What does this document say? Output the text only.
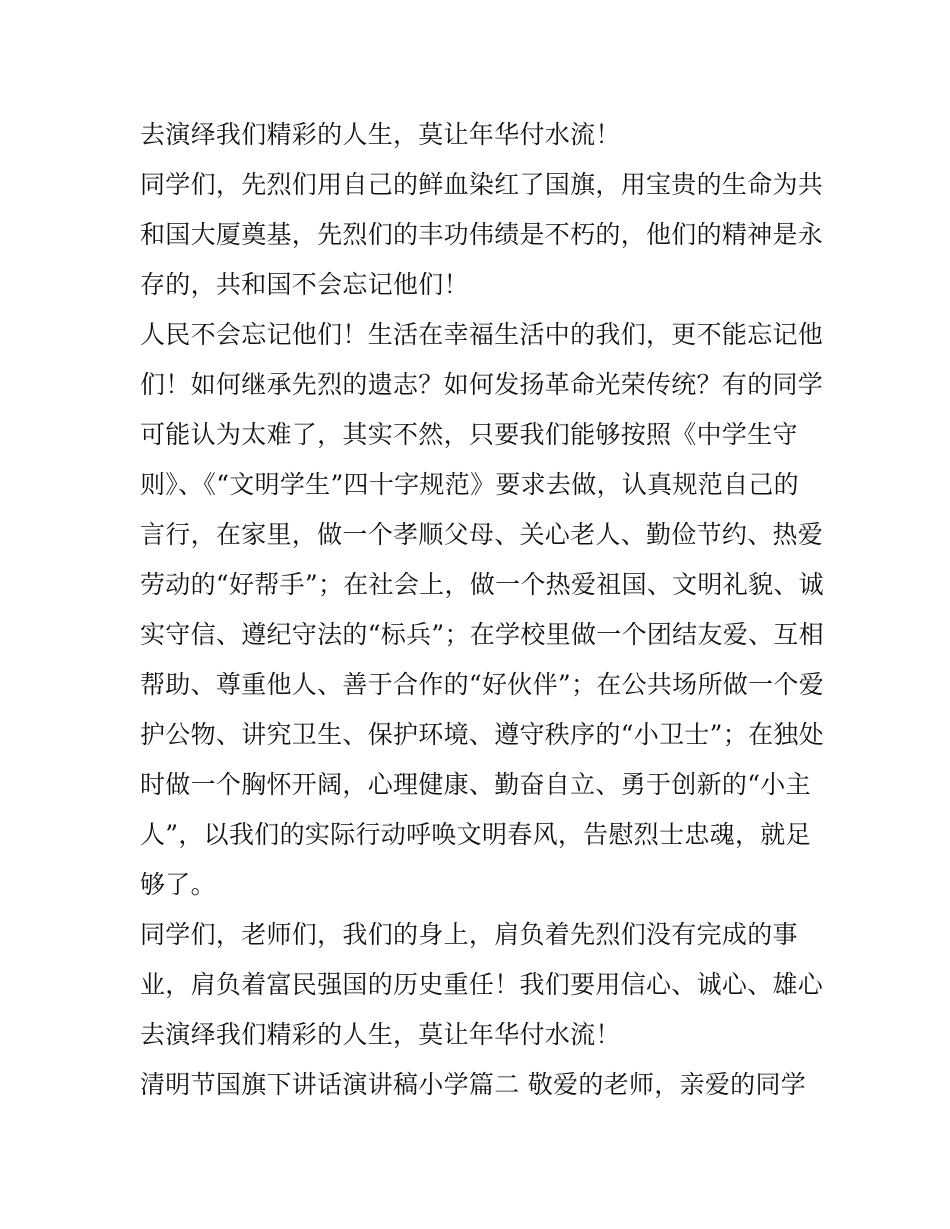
去演绎我们精彩的人生，莫让年华付水流！
同学们，先烈们用自己的鲜血染红了国旗，用宝贵的生命为共
和国大厦奠基，先烈们的丰功伟绩是不朽的，他们的精神是永
存的，共和国不会忘记他们！
人民不会忘记他们！生活在幸福生活中的我们，更不能忘记他
们！如何继承先烈的遗志？如何发扬革命光荣传统？有的同学
可能认为太难了，其实不然，只要我们能够按照《中学生守
则》、《“文明学生”四十字规范》要求去做，认真规范自己的
言行，在家里，做一个孝顺父母、关心老人、勤俭节约、热爱
劳动的“好帮手”；在社会上，做一个热爱祖国、文明礼貌、诚
实守信、遵纪守法的“标兵”；在学校里做一个团结友爱、互相
帮助、尊重他人、善于合作的“好伙伴”；在公共场所做一个爱
护公物、讲究卫生、保护环境、遵守秩序的“小卫士”；在独处
时做一个胸怀开阔，心理健康、勤奋自立、勇于创新的“小主
人”，以我们的实际行动呼唤文明春风，告慰烈士忠魂，就足
够了。
同学们，老师们，我们的身上，肩负着先烈们没有完成的事
业，肩负着富民强国的历史重任！我们要用信心、诚心、雄心
去演绎我们精彩的人生，莫让年华付水流！
清明节国旗下讲话演讲稿小学篇二 敬爱的老师，亲爱的同学
